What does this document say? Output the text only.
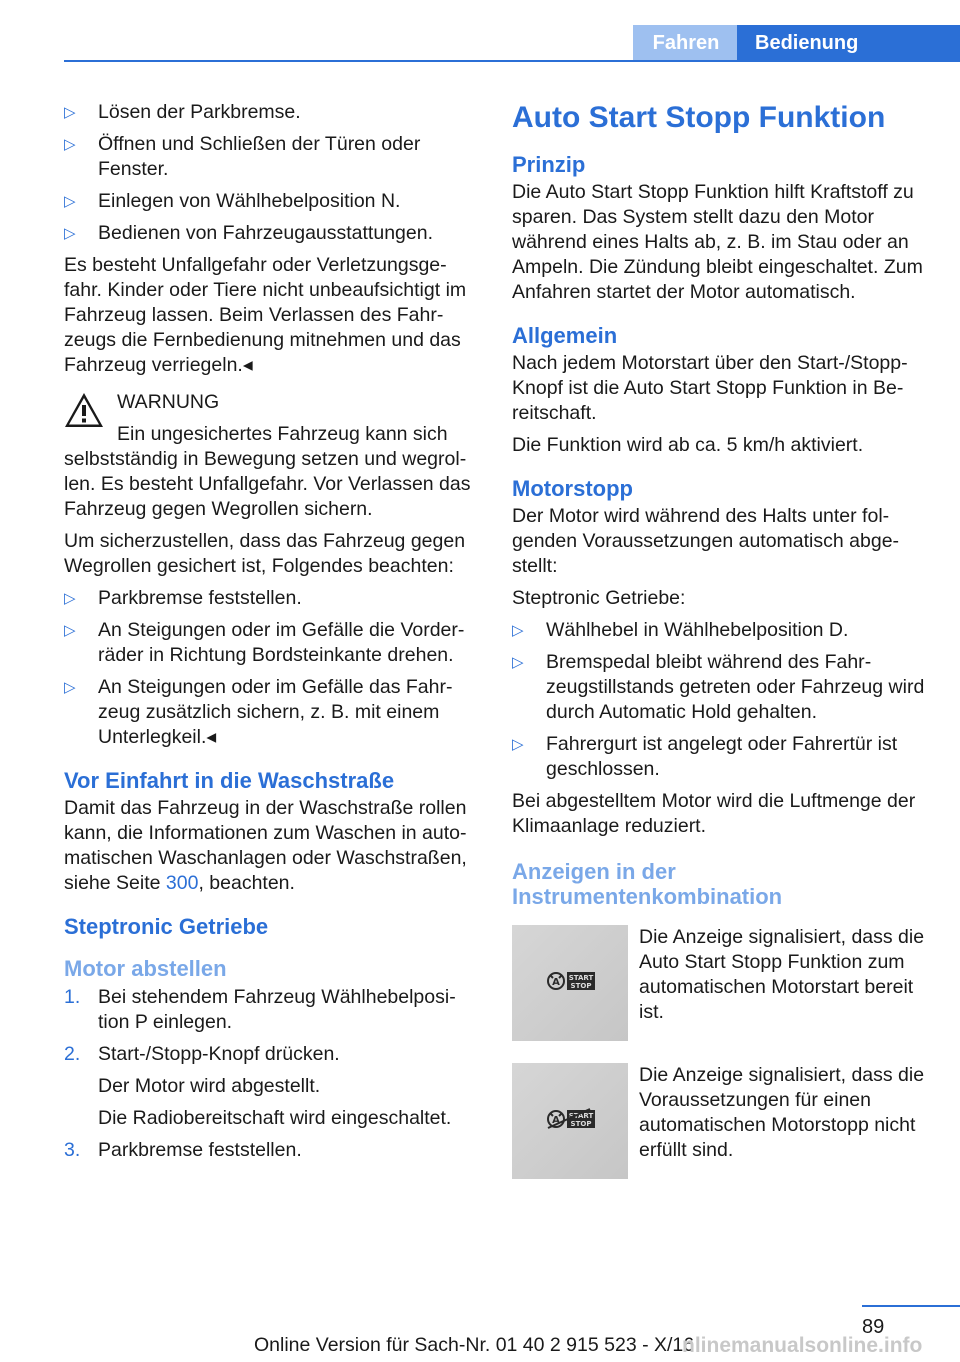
Fahren	Bedienung
▷ Lösen der Parkbremse.
▷ Öffnen und Schließen der Türen oder Fenster.
▷ Einlegen von Wählhebelposition N.
▷ Bedienen von Fahrzeugausstattungen.

Es besteht Unfallgefahr oder Verletzungsgefahr. Kinder oder Tiere nicht unbeaufsichtigt im Fahrzeug lassen. Beim Verlassen des Fahrzeugs die Fernbedienung mitnehmen und das Fahrzeug verriegeln.◂

WARNUNG
Ein ungesichertes Fahrzeug kann sich
selbstständig in Bewegung setzen und wegrollen. Es besteht Unfallgefahr. Vor Verlassen das Fahrzeug gegen Wegrollen sichern.

Um sicherzustellen, dass das Fahrzeug gegen Wegrollen gesichert ist, Folgendes beachten:

▷ Parkbremse feststellen.
▷ An Steigungen oder im Gefälle die Vorderräder in Richtung Bordsteinkante drehen.
▷ An Steigungen oder im Gefälle das Fahrzeug zusätzlich sichern, z. B. mit einem Unterlegkeil.◂
Vor Einfahrt in die Waschstraße

Damit das Fahrzeug in der Waschstraße rollen kann, die Informationen zum Waschen in automatischen Waschanlagen oder Waschstraßen, siehe Seite 300, beachten.

Steptronic Getriebe
Motor abstellen
1. Bei stehendem Fahrzeug Wählhebelposition P einlegen.
2. Start-/Stopp-Knopf drücken.
Der Motor wird abgestellt.
Die Radiobereitschaft wird eingeschaltet.
3. Parkbremse feststellen.
Auto Start Stopp Funktion
Prinzip

Die Auto Start Stopp Funktion hilft Kraftstoff zu sparen. Das System stellt dazu den Motor während eines Halts ab, z. B. im Stau oder an Ampeln. Die Zündung bleibt eingeschaltet. Zum Anfahren startet der Motor automatisch.

Allgemein

Nach jedem Motorstart über den Start-/Stopp-Knopf ist die Auto Start Stopp Funktion in Bereitschaft.

Die Funktion wird ab ca. 5 km/h aktiviert.

Motorstopp

Der Motor wird während des Halts unter folgenden Voraussetzungen automatisch abgestellt:

Steptronic Getriebe:

▷ Wählhebel in Wählhebelposition D.
▷ Bremspedal bleibt während des Fahrzeugstillstands getreten oder Fahrzeug wird durch Automatic Hold gehalten.
▷ Fahrergurt ist angelegt oder Fahrertür ist geschlossen.

Bei abgestelltem Motor wird die Luftmenge der Klimaanlage reduziert.

Anzeigen in der
Instrumentenkombination
A START
STOP
Die Anzeige signalisiert, dass die Auto Start Stopp Funktion zum automatischen Motorstart bereit ist.
A START
STOP
Die Anzeige signalisiert, dass die Voraussetzungen für einen automatischen Motorstopp nicht erfüllt sind.
89
Online Version für Sach-Nr. 01 40 2 915 523 - X/16
nlinemanualsonline.info
